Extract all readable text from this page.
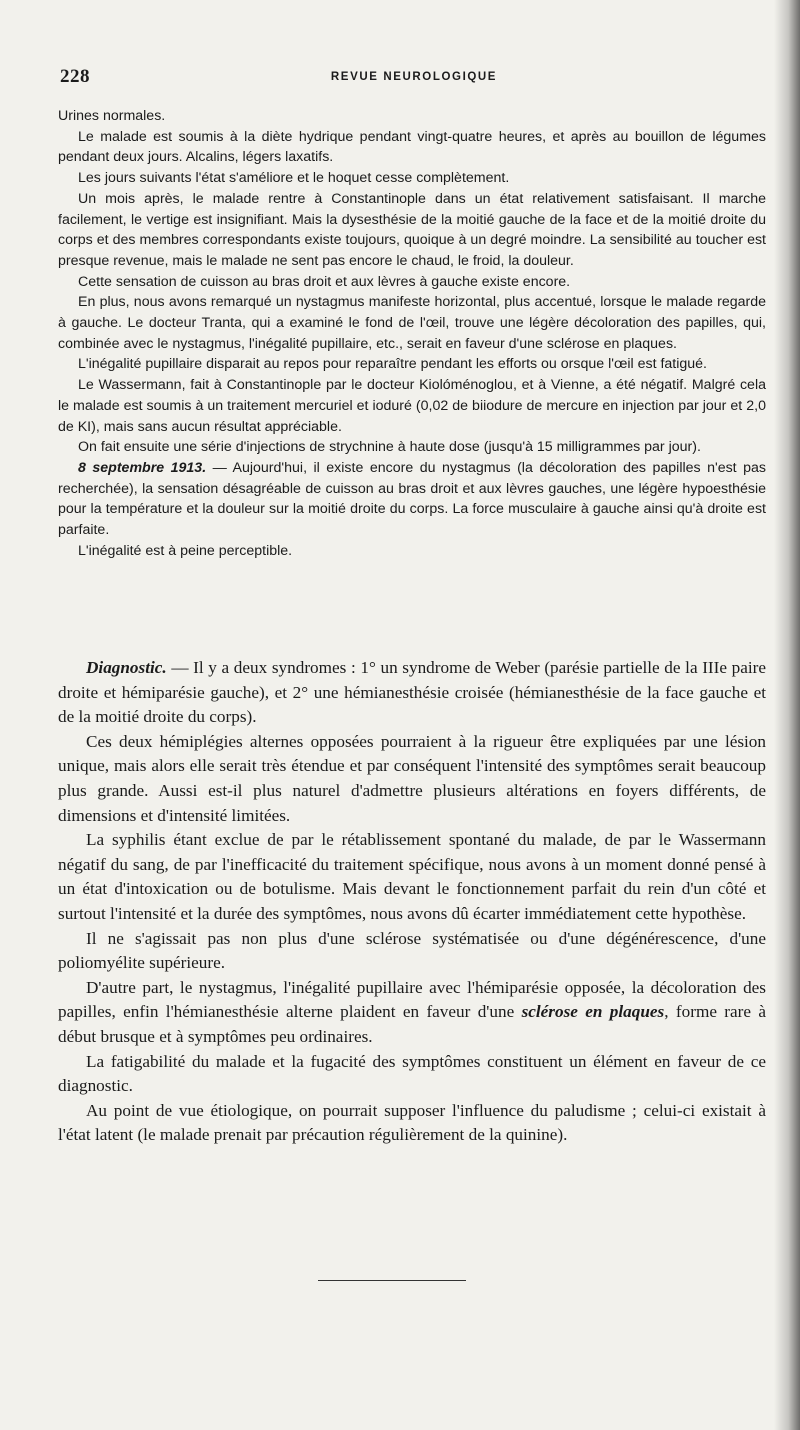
228	REVUE NEUROLOGIQUE

Urines normales.

Le malade est soumis à la diète hydrique pendant vingt-quatre heures, et après au bouillon de légumes pendant deux jours. Alcalins, légers laxatifs.

Les jours suivants l'état s'améliore et le hoquet cesse complètement.

Un mois après, le malade rentre à Constantinople dans un état relativement satisfaisant. Il marche facilement, le vertige est insignifiant. Mais la dysesthésie de la moitié gauche de la face et de la moitié droite du corps et des membres correspondants existe toujours, quoique à un degré moindre. La sensibilité au toucher est presque revenue, mais le malade ne sent pas encore le chaud, le froid, la douleur.

Cette sensation de cuisson au bras droit et aux lèvres à gauche existe encore.

En plus, nous avons remarqué un nystagmus manifeste horizontal, plus accentué, lorsque le malade regarde à gauche. Le docteur Tranta, qui a examiné le fond de l'œil, trouve une légère décoloration des papilles, qui, combinée avec le nystagmus, l'inégalité pupillaire, etc., serait en faveur d'une sclérose en plaques.

L'inégalité pupillaire disparait au repos pour reparaître pendant les efforts ou orsque l'œil est fatigué.

Le Wassermann, fait à Constantinople par le docteur Kiolóménoglou, et à Vienne, a été négatif. Malgré cela le malade est soumis à un traitement mercuriel et ioduré (0,02 de biiodure de mercure en injection par jour et 2,0 de KI), mais sans aucun résultat appréciable.

On fait ensuite une série d'injections de strychnine à haute dose (jusqu'à 15 milligrammes par jour).

8 septembre 1913. — Aujourd'hui, il existe encore du nystagmus (la décoloration des papilles n'est pas recherchée), la sensation désagréable de cuisson au bras droit et aux lèvres gauches, une légère hypoesthésie pour la température et la douleur sur la moitié droite du corps. La force musculaire à gauche ainsi qu'à droite est parfaite.

L'inégalité est à peine perceptible.

Diagnostic. — Il y a deux syndromes : 1° un syndrome de Weber (parésie partielle de la IIIe paire droite et hémiparésie gauche), et 2° une hémianesthésie croisée (hémianesthésie de la face gauche et de la moitié droite du corps).

Ces deux hémiplégies alternes opposées pourraient à la rigueur être expliquées par une lésion unique, mais alors elle serait très étendue et par conséquent l'intensité des symptômes serait beaucoup plus grande. Aussi est-il plus naturel d'admettre plusieurs altérations en foyers différents, de dimensions et d'intensité limitées.

La syphilis étant exclue de par le rétablissement spontané du malade, de par le Wassermann négatif du sang, de par l'inefficacité du traitement spécifique, nous avons à un moment donné pensé à un état d'intoxication ou de botulisme. Mais devant le fonctionnement parfait du rein d'un côté et surtout l'intensité et la durée des symptômes, nous avons dû écarter immédiatement cette hypothèse.

Il ne s'agissait pas non plus d'une sclérose systématisée ou d'une dégénérescence, d'une poliomyélite supérieure.

D'autre part, le nystagmus, l'inégalité pupillaire avec l'hémiparésie opposée, la décoloration des papilles, enfin l'hémianesthésie alterne plaident en faveur d'une sclérose en plaques, forme rare à début brusque et à symptômes peu ordinaires.

La fatigabilité du malade et la fugacité des symptômes constituent un élément en faveur de ce diagnostic.

Au point de vue étiologique, on pourrait supposer l'influence du paludisme ; celui-ci existait à l'état latent (le malade prenait par précaution régulièrement de la quinine).
